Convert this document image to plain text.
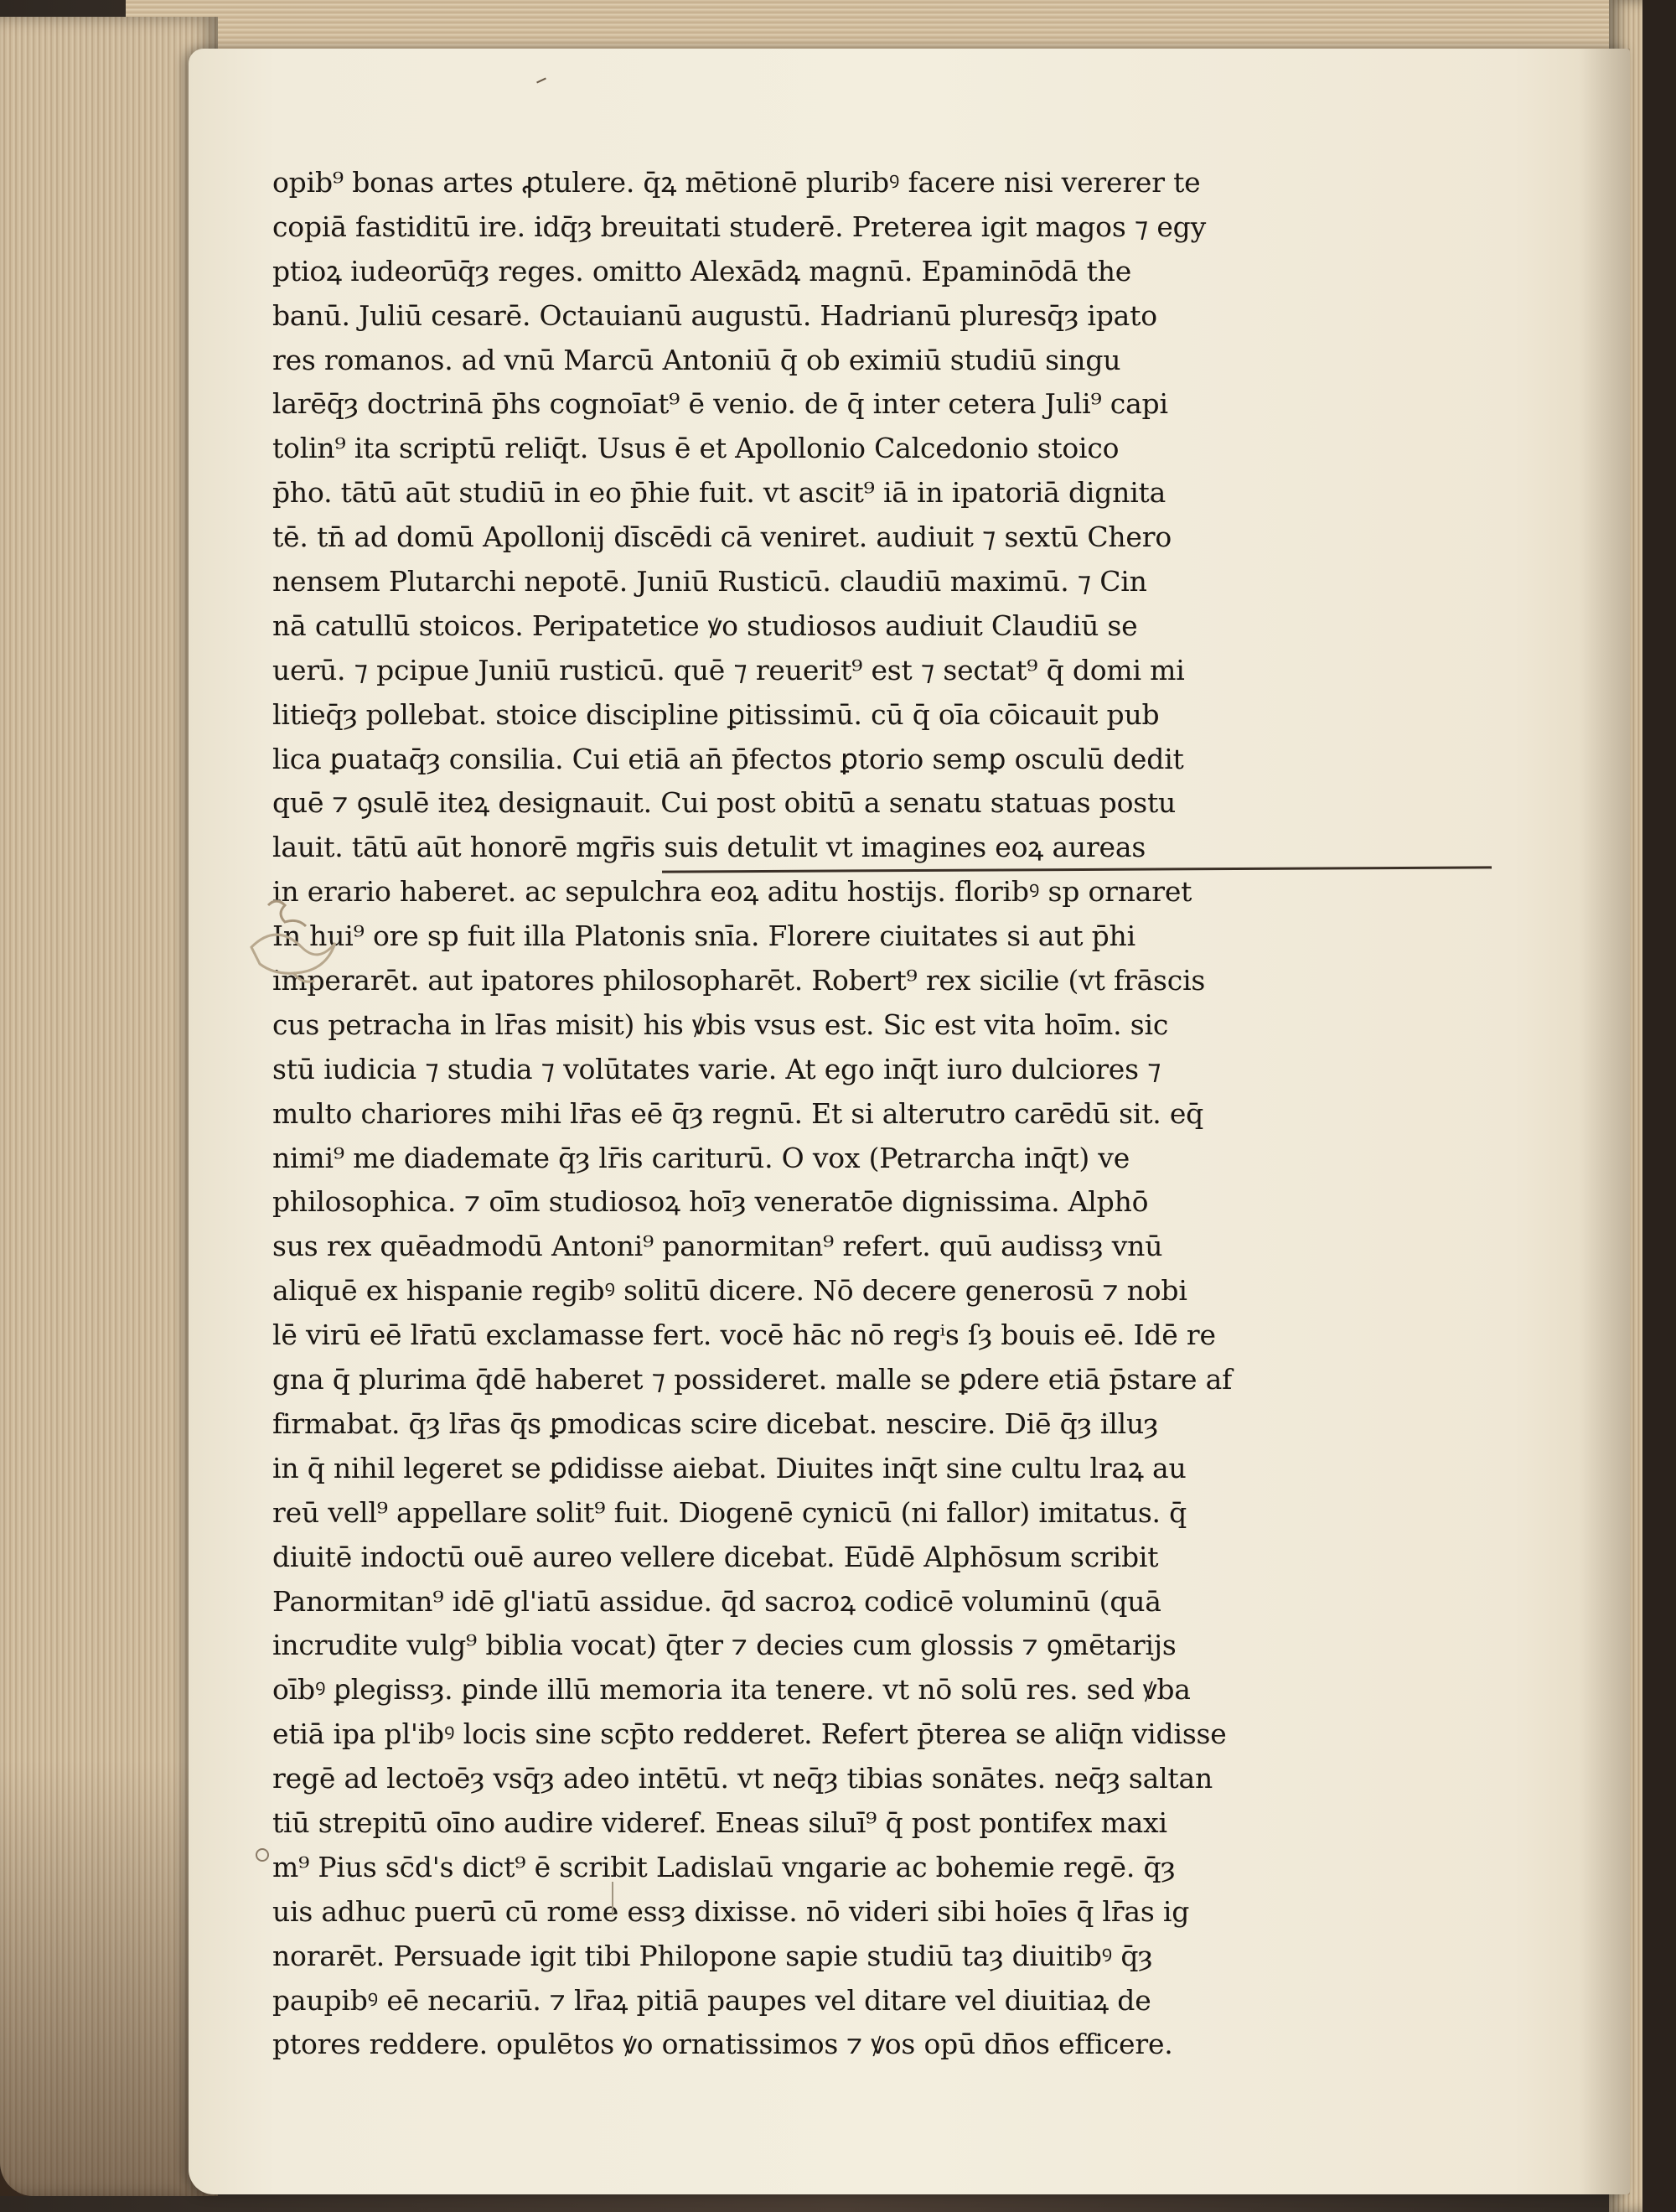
opib⁹ bonas artes ꝓtulere. q̄ꝝ mētionē pluribꝰ facere nisi vererer te

copiā fastiditū ire. idq̄ȝ breuitati studerē. Preterea igit magos ⁊ egy

ptioꝝ iudeorūq̄ȝ reges. omitto Alexādꝝ magnū. Epaminōdā the

banū. Juliū cesarē. Octauianū augustū. Hadrianū pluresq̄ȝ ipato

res romanos. ad vnū Marcū Antoniū q̄ ob eximiū studiū singu

larēq̄ȝ doctrinā p̄hs cognoīat⁹ ē venio. de q̄ inter cetera Juli⁹ capi

tolin⁹ ita scriptū reliq̄t. Usus ē et Apollonio Calcedonio stoico

p̄ho. tātū aūt studiū in eo p̄hie fuit. vt ascit⁹ iā in ipatoriā dignita

tē. tn̄ ad domū Apollonij dīscēdi cā veniret. audiuit ⁊ sextū Chero

nensem Plutarchi nepotē. Juniū Rusticū. claudiū maximū. ⁊ Cin

nā catullū stoicos. Peripatetice ꝟo studiosos audiuit Claudiū se

uerū. ⁊ pcipue Juniū rusticū. quē ⁊ reuerit⁹ est ⁊ sectat⁹ q̄ domi mi

litieq̄ȝ pollebat. stoice discipline ꝑitissimū. cū q̄ oīa cōicauit pub

lica ꝑuataq̄ȝ consilia. Cui etiā an̄ p̄fectos ꝑtorio semꝑ osculū dedit

quē ⁊ ꝯsulē iteꝝ designauit. Cui post obitū a senatu statuas postu

lauit. tātū aūt honorē mgr̄is suis detulit vt imagines eoꝝ aureas

in erario haberet. ac sepulchra eoꝝ aditu hostijs. floribꝰ sp ornaret

In hui⁹ ore sp fuit illa Platonis snīa. Florere ciuitates si aut p̄hi

imperarēt. aut ipatores philosopharēt. Robert⁹ rex sicilie (vt frāscis

cus petracha in lr̄as misit) his ꝟbis vsus est. Sic est vita hoīm. sic

stū iudicia ⁊ studia ⁊ volūtates varie. At ego inq̄t iuro dulciores ⁊

multo chariores mihi lr̄as eē q̄ȝ regnū. Et si alterutro carēdū sit. eq̄

nimi⁹ me diademate q̄ȝ lr̄is cariturū. O vox (Petrarcha inq̄t) ve

philosophica. ⁊ oīm studiosoꝝ hoīȝ veneratōe dignissima. Alphō

sus rex quēadmodū Antoni⁹ panormitan⁹ refert. quū audissȝ vnū

aliquē ex hispanie regibꝰ solitū dicere. Nō decere generosū ⁊ nobi

lē virū eē lr̄atū exclamasse fert. vocē hāc nō regⁱs ſȝ bouis eē. Idē re

gna q̄ plurima q̄dē haberet ⁊ possideret. malle se ꝑdere etiā p̄stare af

firmabat. q̄ȝ lr̄as q̄s ꝑmodicas scire dicebat. nescire. Diē q̄ȝ illuȝ

in q̄ nihil legeret se ꝑdidisse aiebat. Diuites inq̄t sine cultu lraꝝ au

reū vell⁹ appellare solit⁹ fuit. Diogenē cynicū (ni fallor) imitatus. q̄

diuitē indoctū ouē aureo vellere dicebat. Eūdē Alphōsum scribit

Panormitan⁹ idē gl'iatū assidue. q̄d sacroꝝ codicē voluminū (quā

incrudite vulg⁹ biblia vocat) q̄ter ⁊ decies cum glossis ⁊ ꝯmētarijs

oībꝰ ꝑlegissȝ. ꝑinde illū memoria ita tenere. vt nō solū res. sed ꝟba

etiā ipa pl'ibꝰ locis sine scp̄to redderet. Refert p̄terea se aliq̄n vidisse

regē ad lectoēȝ vsq̄ȝ adeo intētū. vt neq̄ȝ tibias sonātes. neq̄ȝ saltan

tiū strepitū oīno audire videref. Eneas siluī⁹ q̄ post pontifex maxi

m⁹ Pius sc̄d's dict⁹ ē scribit Ladislaū vngarie ac bohemie regē. q̄ȝ

uis adhuc puerū cū rome essȝ dixisse. nō videri sibi hoīes q̄ lr̄as ig

norarēt. Persuade igit tibi Philopone sapie studiū taȝ diuitibꝰ q̄ȝ

paupibꝰ eē necariū. ⁊ lr̄aꝝ pitiā paupes vel ditare vel diuitiaꝝ de

ptores reddere. opulētos ꝟo ornatissimos ⁊ ꝟos opū dn̄os efficere.
